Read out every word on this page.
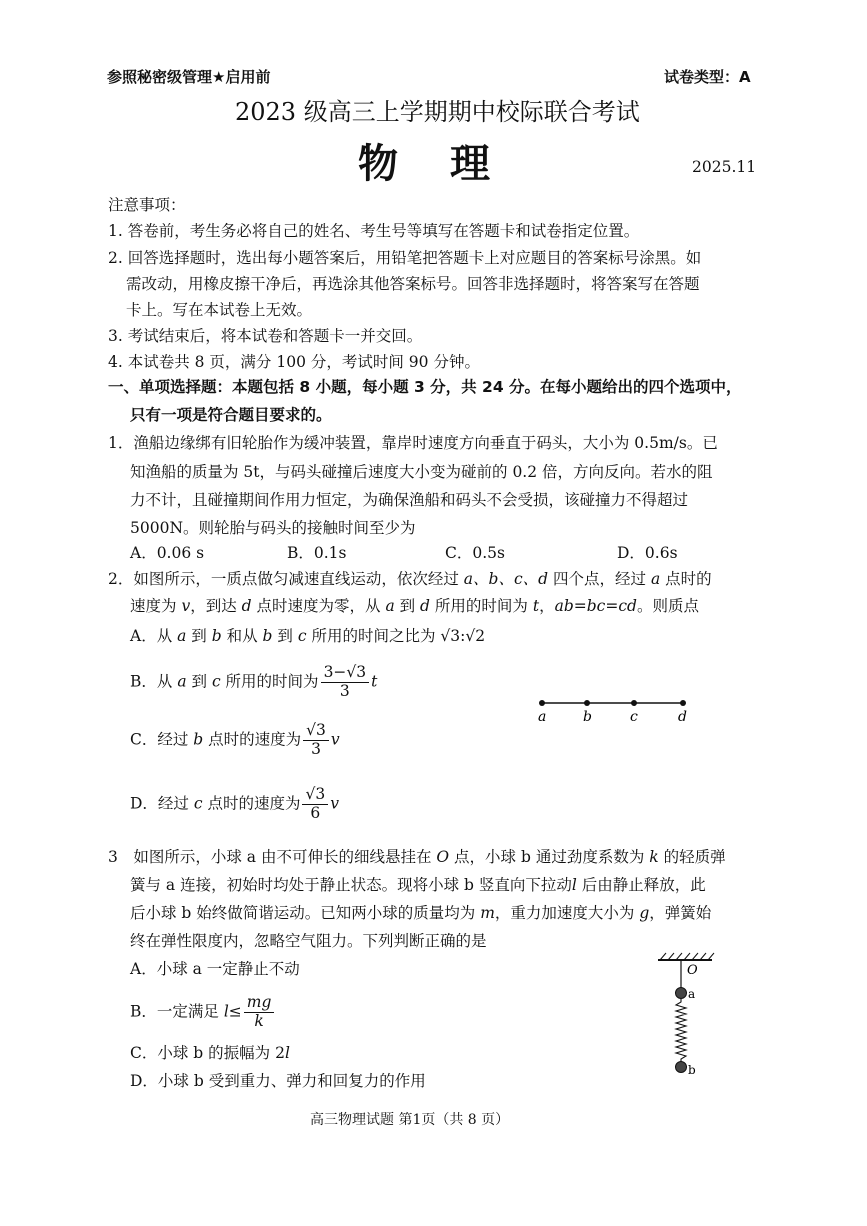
参照秘密级管理★启用前	试卷类型：A
2023 级高三上学期期中校际联合考试
物　理	2025.11
注意事项：
1. 答卷前，考生务必将自己的姓名、考生号等填写在答题卡和试卷指定位置。
2. 回答选择题时，选出每小题答案后，用铅笔把答题卡上对应题目的答案标号涂黑。如
需改动，用橡皮擦干净后，再选涂其他答案标号。回答非选择题时，将答案写在答题
卡上。写在本试卷上无效。
3. 考试结束后，将本试卷和答题卡一并交回。
4. 本试卷共 8 页，满分 100 分，考试时间 90 分钟。
一、单项选择题：本题包括 8 小题，每小题 3 分，共 24 分。在每小题给出的四个选项中，
只有一项是符合题目要求的。
1．渔船边缘绑有旧轮胎作为缓冲装置，靠岸时速度方向垂直于码头，大小为 0.5m/s。已
知渔船的质量为 5t，与码头碰撞后速度大小变为碰前的 0.2 倍，方向反向。若水的阻
力不计，且碰撞期间作用力恒定，为确保渔船和码头不会受损，该碰撞力不得超过
5000N。则轮胎与码头的接触时间至少为
A．0.06 s	B．0.1s	C．0.5s	D．0.6s
2．如图所示，一质点做匀减速直线运动，依次经过 a、b、c、d 四个点，经过 a 点时的
速度为 v，到达 d 点时速度为零，从 a 到 d 所用的时间为 t，ab=bc=cd。则质点
A．从 a 到 b 和从 b 到 c 所用的时间之比为 √3:√2
B．从 a 到 c 所用的时间为 $\frac{3-√3}{3}$ t
C．经过 b 点时的速度为 $\frac{√3}{3}$ v
D．经过 c 点时的速度为 $\frac{√3}{6}$ v
a	b	c	d
3　如图所示，小球 a 由不可伸长的细线悬挂在 O 点，小球 b 通过劲度系数为 k 的轻质弹
簧与 a 连接，初始时均处于静止状态。现将小球 b 竖直向下拉动l 后由静止释放，此
后小球 b 始终做简谐运动。已知两小球的质量均为 m，重力加速度大小为 g，弹簧始
终在弹性限度内，忽略空气阻力。下列判断正确的是
A．小球 a 一定静止不动
B．一定满足 $l\le \frac{mg}{k}$
C．小球 b 的振幅为 2l
D．小球 b 受到重力、弹力和回复力的作用
O
a
b
高三物理试题 第1页（共 8 页）
